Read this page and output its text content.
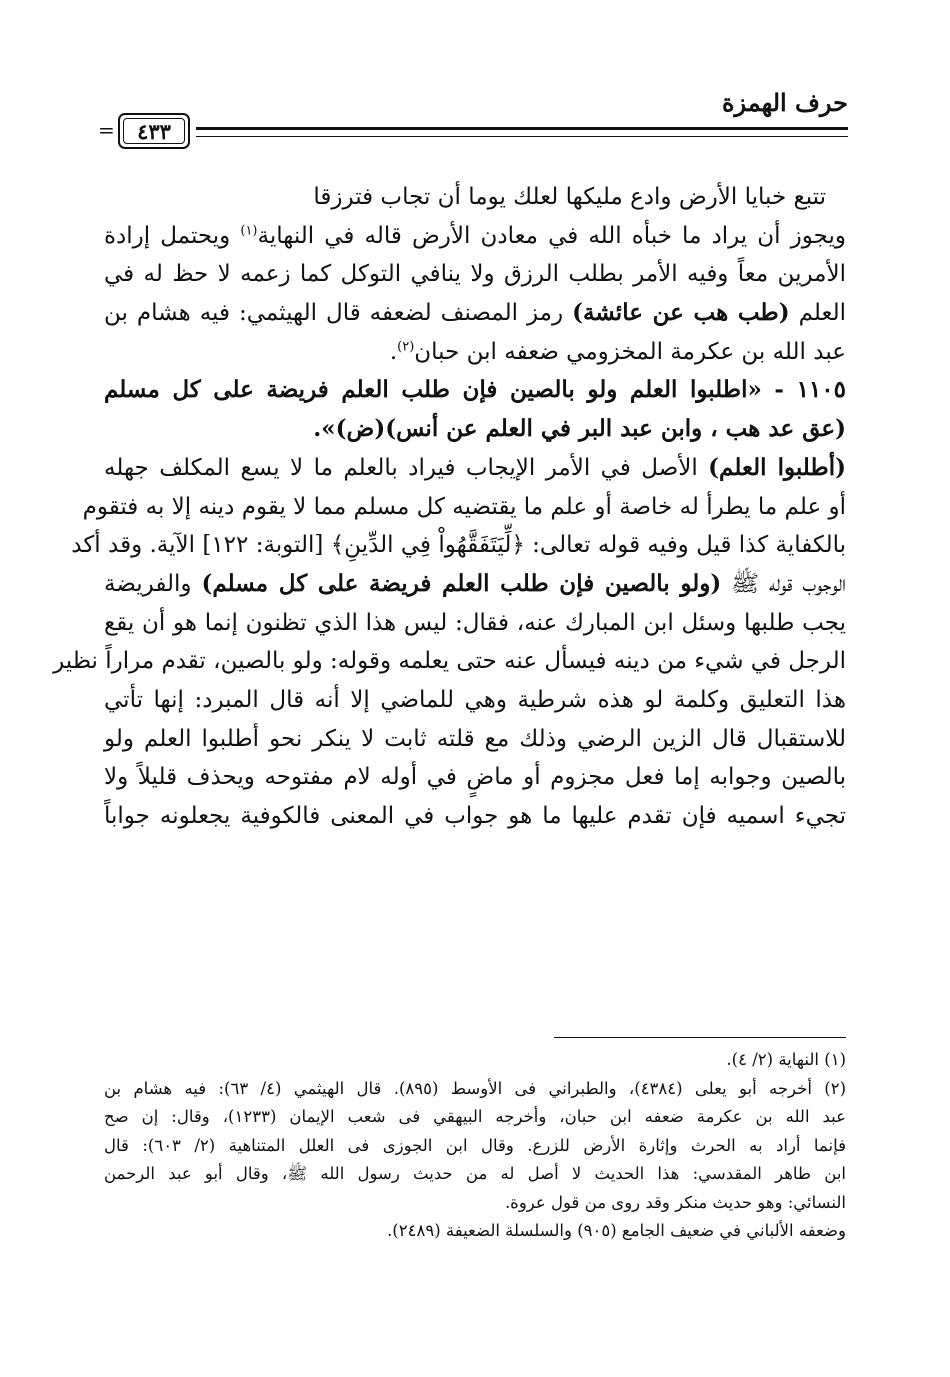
حرف الهمزة
٤٣٣
=
تتبع خبايا الأرض وادع مليكها لعلك يوما أن تجاب فترزقا
ويجوز أن يراد ما خبأه الله في معادن الأرض قاله في النهاية$^{(١)}$ ويحتمل إرادة
الأمرين معاً وفيه الأمر بطلب الرزق ولا ينافي التوكل كما زعمه لا حظ له في
العلم (طب هب عن عائشة) رمز المصنف لضعفه قال الهيثمي: فيه هشام بن
عبد الله بن عكرمة المخزومي ضعفه ابن حبان$^{(٢)}$.
١١٠٥ - «اطلبوا العلم ولو بالصين فإن طلب العلم فريضة على كل مسلم
(عق عد هب ، وابن عبد البر في العلم عن أنس)(ض)».
(أطلبوا العلم) الأصل في الأمر الإيجاب فيراد بالعلم ما لا يسع المكلف جهله
أو علم ما يطرأ له خاصة أو علم ما يقتضيه كل مسلم مما لا يقوم دينه إلا به فتقوم
بالكفاية كذا قيل وفيه قوله تعالى: ﴿لِّيَتَفَقَّهُواْ فِي الدِّينِ﴾ [التوبة: ١٢٢] الآية. وقد أكد
الوجوب قوله ﷺ (ولو بالصين فإن طلب العلم فريضة على كل مسلم) والفريضة
يجب طلبها وسئل ابن المبارك عنه، فقال: ليس هذا الذي تظنون إنما هو أن يقع
الرجل في شيء من دينه فيسأل عنه حتى يعلمه وقوله: ولو بالصين، تقدم مراراً نظير
هذا التعليق وكلمة لو هذه شرطية وهي للماضي إلا أنه قال المبرد: إنها تأتي
للاستقبال قال الزين الرضي وذلك مع قلته ثابت لا ينكر نحو أطلبوا العلم ولو
بالصين وجوابه إما فعل مجزوم أو ماضٍ في أوله لام مفتوحه ويحذف قليلاً ولا
تجيء اسميه فإن تقدم عليها ما هو جواب في المعنى فالكوفية يجعلونه جواباً
(١) النهاية (٢/ ٤).
(٢) أخرجه أبو يعلى (٤٣٨٤)، والطبراني فى الأوسط (٨٩٥). قال الهيثمي (٤/ ٦٣): فيه هشام بن
عبد الله بن عكرمة ضعفه ابن حبان، وأخرجه البيهقي فى شعب الإيمان (١٢٣٣)، وقال: إن صح
فإنما أراد به الحرث وإثارة الأرض للزرع. وقال ابن الجوزى فى العلل المتناهية (٢/ ٦٠٣): قال
ابن طاهر المقدسي: هذا الحديث لا أصل له من حديث رسول الله ﷺ، وقال أبو عبد الرحمن
النسائي: وهو حديث منكر وقد روى من قول عروة.
وضعفه الألباني في ضعيف الجامع (٩٠٥) والسلسلة الضعيفة (٢٤٨٩).
